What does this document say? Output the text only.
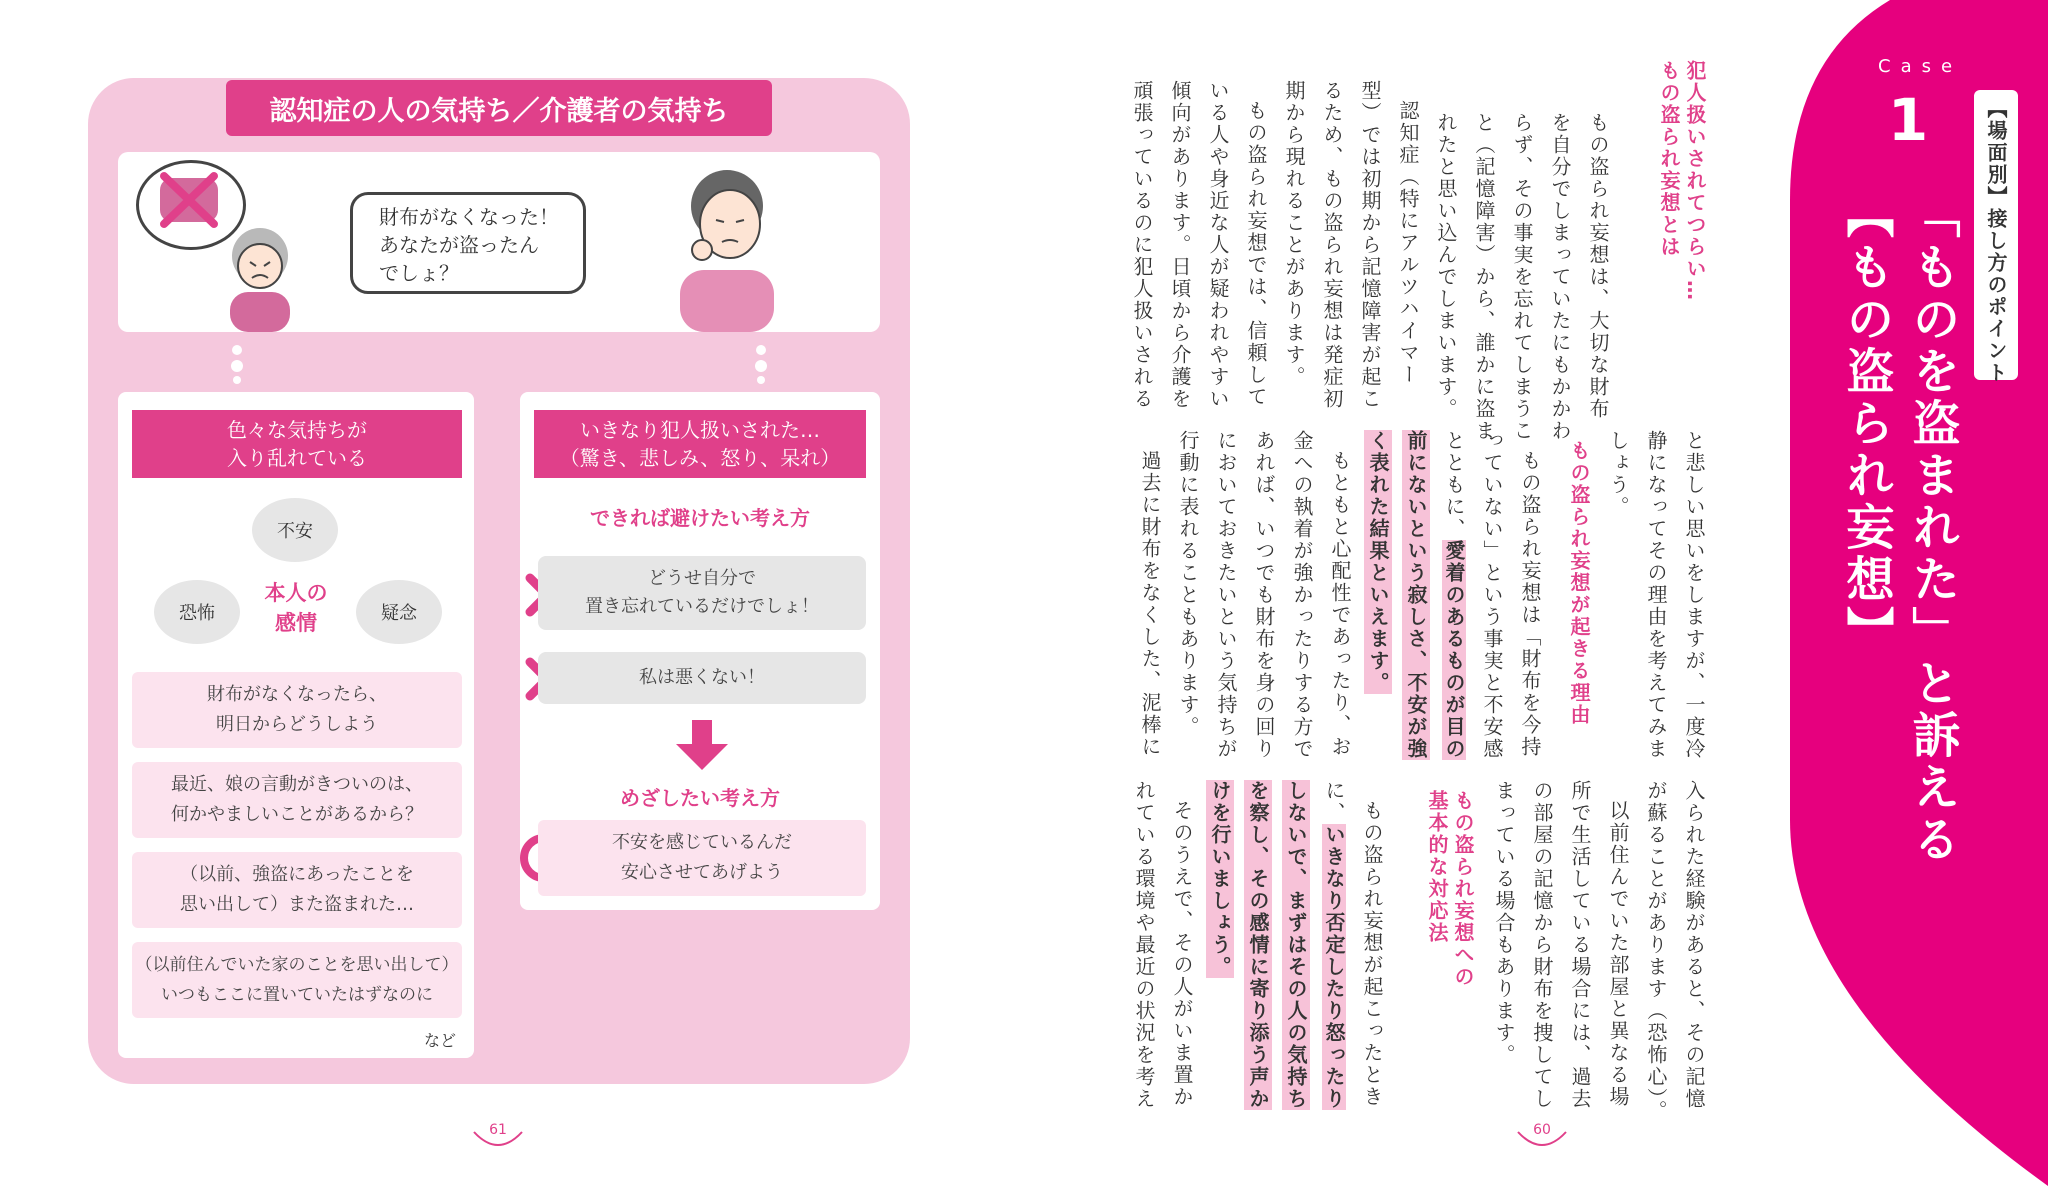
認知症の人の気持ち／介護者の気持ち
財布がなくなった！
あなたが盗ったん
でしょ？
色々な気持ちが
入り乱れている
不安
恐怖	疑念
本人の
感情
財布がなくなったら、
明日からどうしよう
最近、娘の言動がきついのは、
何かやましいことがあるから？
（以前、強盗にあったことを
思い出して）また盗まれた…
（以前住んでいた家のことを思い出して）
いつもここに置いていたはずなのに
など
いきなり犯人扱いされた…
（驚き、悲しみ、怒り、呆れ）
できれば避けたい考え方
どうせ自分で
置き忘れているだけでしょ！
私は悪くない！
めざしたい考え方
不安を感じているんだ
安心させてあげよう
61
犯人扱いされてつらい…
もの盗られ妄想とは
もの盗られ妄想は、大切な財布
を自分でしまっていたにもかかわ
らず、その事実を忘れてしまうこ
と（記憶障害）から、誰かに盗ま
れたと思い込んでしまいます。
認知症（特にアルツハイマー
型）では初期から記憶障害が起こ
るため、もの盗られ妄想は発症初
期から現れることがあります。
もの盗られ妄想では、信頼して
いる人や身近な人が疑われやすい
傾向があります。日頃から介護を
頑張っているのに犯人扱いされる
と悲しい思いをしますが、一度冷
静になってその理由を考えてみま
しょう。
もの盗られ妄想が起きる理由
もの盗られ妄想は「財布を今持
っていない」という事実と不安感
とともに、愛着のあるものが目の
前にないという寂しさ、不安が強
く表れた結果といえます。
もともと心配性であったり、お
金への執着が強かったりする方で
あれば、いつでも財布を身の回り
においておきたいという気持ちが
行動に表れることもあります。
過去に財布をなくした、泥棒に
入られた経験があると、その記憶
が蘇ることがあります（恐怖心）。
以前住んでいた部屋と異なる場
所で生活している場合には、過去
の部屋の記憶から財布を捜してし
まっている場合もあります。
もの盗られ妄想への
基本的な対応法
もの盗られ妄想が起こったとき
に、いきなり否定したり怒ったり
しないで、まずはその人の気持ち
を察し、その感情に寄り添う声か
けを行いましょう。
そのうえで、その人がいま置か
れている環境や最近の状況を考え
60
Case
1	【場面別】接し方のポイント
「ものを盗まれた」と訴える
【もの盗られ妄想】
